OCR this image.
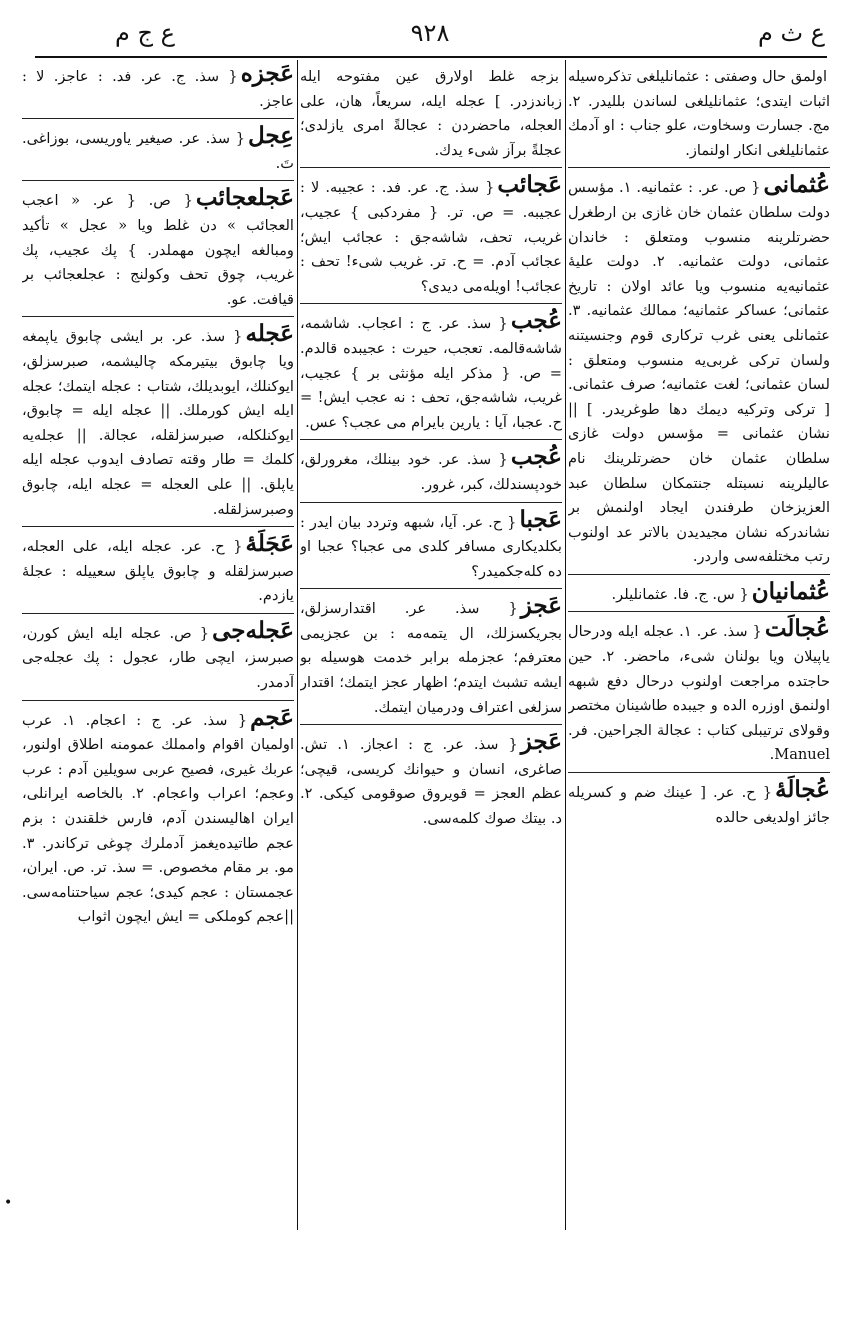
ع ث م
٩٢٨
ع ج م

اولمق حال وصفتی : عثمانلیلغی تذکره‌سیله اثبات ایتدی؛ عثمانلیلغی لساندن بللیدر. ۲. مج. جسارت وسخاوت، علو جناب : او آدمك عثمانلیلغی انکار اولنماز.

عُثمانی{ ص. عر. : عثمانیه. ۱. مؤسس دولت سلطان عثمان خان غازی بن ارطغرل حضرتلرینه منسوب ومتعلق : خاندان عثمانی، دولت عثمانیه. ۲. دولت علیهٔ عثمانیه‌یه منسوب ویا عائد اولان : تاریخ عثمانی؛ عساکر عثمانیه؛ ممالك عثمانیه. ۳. عثمانلی یعنی غرب ترکاری قوم وجنسیتنه ولسان ترکی غربی‌یه منسوب ومتعلق : لسان عثمانی؛ لغت عثمانیه؛ صرف عثمانی. [ ترکی وترکیه دیمك دها طوغریدر. ] || نشان عثمانی = مؤسس دولت غازی سلطان عثمان خان حضرتلرینك نام عالیلرینه نسبتله جنتمکان سلطان عبد العزیزخان طرفندن ایجاد اولنمش بر نشاندرکه نشان مجیدیدن بالاتر عد اولنوب رتب مختلفه‌سی واردر.

عُثمانیان{ س. ج. فا. عثمانلیلر.

عُجالَت{ سذ. عر. ۱. عجله ایله ودرحال یاپیلان ویا بولنان شیء، ماحضر. ۲. حین حاجتده مراجعت اولنوب درحال دفع شبهه اولنمق اوزره الده و جیبده طاشینان مختصر وقولای ترتیبلی کتاب : عجالة الجراحین. فر. Manuel.

عُجالَهٔ{ ح. عر. [ عینك ضم و کسریله جائز اولدیغی حالده

بزجه غلط اولارق عین مفتوحه ایله زباندزدر. ] عجله ایله، سریعاً، هان، علی العجله، ماحضردن : عجالةً امری یازلدی؛ عجلةً برآز شیء یدك.

عَجائب{ سذ. ج. عر. فد. : عجیبه. لا : عجیبه. = ص. تر. { مفردکبی } عجیب، غریب، تحف، شاشه‌جق : عجائب ایش؛ عجائب آدم. = ح. تر. غریب شیء! تحف : عجائب! اویله‌می دیدی؟

عُجب{ سذ. عر. ج : اعجاب. شاشمه، شاشه‌قالمه. تعجب، حیرت : عجیبده قالدم. = ص. { مذکر ایله مؤنثی بر } عجیب، غریب، شاشه‌جق، تحف : نه عجب ایش! = ح. عجبا، آیا : یارین بایرام می عجب؟ عس.

عُجب{ سذ. عر. خود بینلك، مغرورلق، خودپسندلك، کبر، غرور.

عَجبا{ ح. عر. آیا، شبهه وتردد بیان ایدر : بکلدیکاری مسافر کلدی می عجبا؟ عجبا او ده کله‌جکمیدر؟

عَجز{ سذ. عر. اقتدارسزلق، بجریکسزلك، ال یتمه‌مه : بن عجزیمی معترفم؛ عجزمله برابر خدمت هوسیله بو ایشه تشبث ایتدم؛ اظهار عجز ایتمك؛ اقتدار سزلغی اعتراف ودرمیان ایتمك.

عَجز{ سذ. عر. ج : اعجاز. ۱. تش. صاغری، انسان و حیوانك کریسی، قیچی؛ عظم العجز = قویروق صوقومی کیکی. ۲. د. بیتك صوك کلمه‌سی.

عَجزه{ سذ. ج. عر. فد. : عاجز. لا : عاجز.

عِجل{ سذ. عر. صیغیر یاوریسی، بوزاغی. تَ.

عَجلعجائب{ ص. { عر. « اعجب العجائب » دن غلط ویا « عجل » تأکید ومبالغه ایچون مهملدر. } پك عجیب، پك غریب، چوق تحف وکولنج : عجلعجائب بر قیافت. عو.

عَجله{ سذ. عر. بر ایشی چابوق یاپمغه ویا چابوق بیتیرمکه چالیشمه، صبرسزلق، ایوکنلك، ایوبدیلك، شتاب : عجله ایتمك؛ عجله ایله ایش کورملك. || عجله ایله = چابوق، ایوکنلکله، صبرسزلقله، عجالة. || عجله‌یه کلمك = طار وقته تصادف ایدوب عجله ایله یاپلق. || علی العجله = عجله ایله، چابوق وصبرسزلقله.

عَجَلَهٔ{ ح. عر. عجله ایله، علی العجله، صبرسزلقله و چابوق یاپلق سعییله : عجلهٔ یازدم.

عَجله‌جی{ ص. عجله ایله ایش کورن، صبرسز، ایچی طار، عجول : پك عجله‌جی آدمدر.

عَجم{ سذ. عر. ج : اعجام. ۱. عرب اولمیان اقوام وامملك عمومنه اطلاق اولنور، عربك غیری، فصیح عربی سویلین آدم : عرب وعجم؛ اعراب واعجام. ۲. بالخاصه ایرانلی، ایران اهالیسندن آدم، فارس خلقندن : بزم عجم طاتیده‌یغمز آدملرك چوغی ترکاندر. ۳. مو. بر مقام مخصوص. = سذ. تر. ص. ایران، عجمستان : عجم کیدی؛ عجم سیاحتنامه‌سی. ||عجم کوملکی = ایش ایچون اثواب

•
